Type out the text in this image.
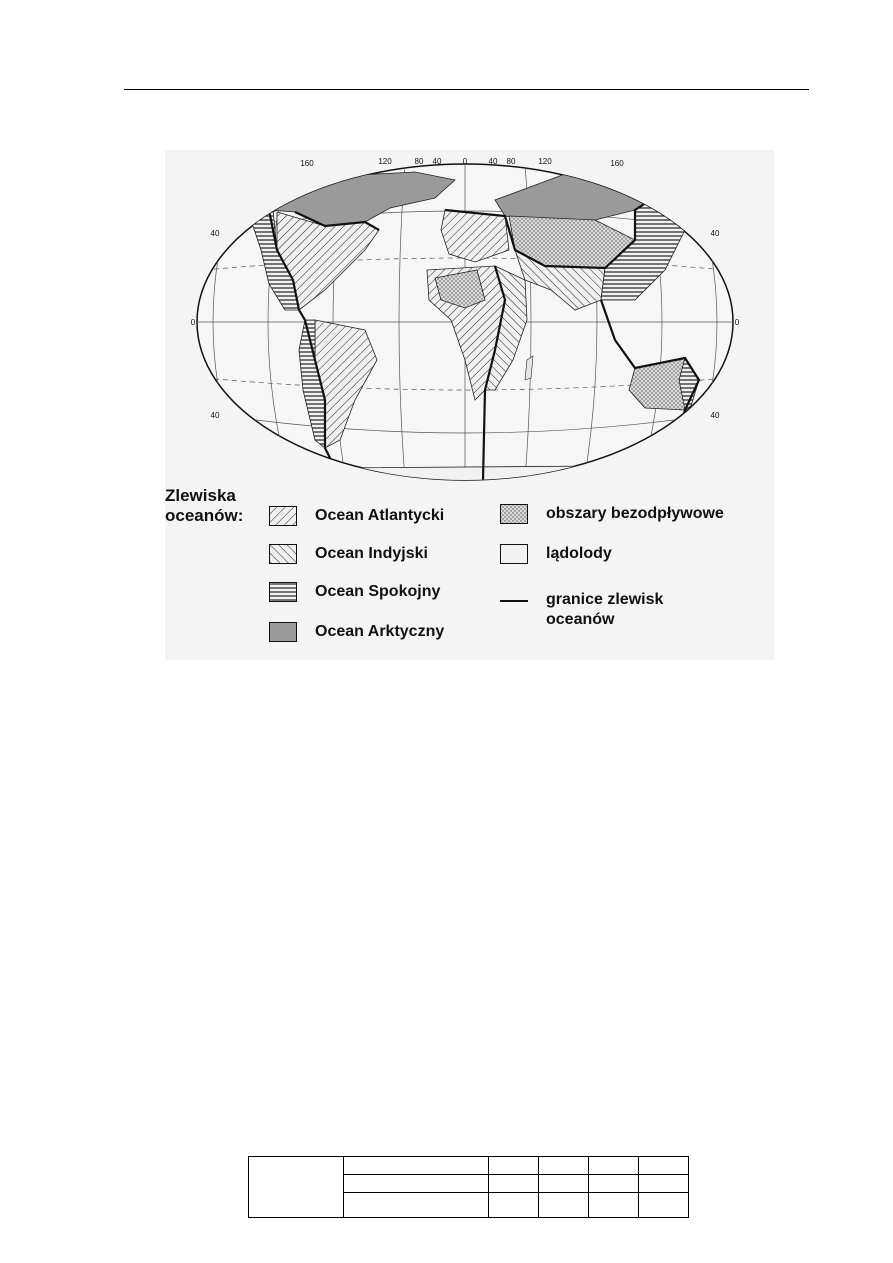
160	120	80 40	0	40 80	120	160
40	40
0	0
40	40
Zlewiska
oceanów:	Ocean Atlantycki
Ocean Indyjski
Ocean Spokojny
Ocean Arktyczny
obszary bezodpływowe
lądolody
granice zlewisk
oceanów
